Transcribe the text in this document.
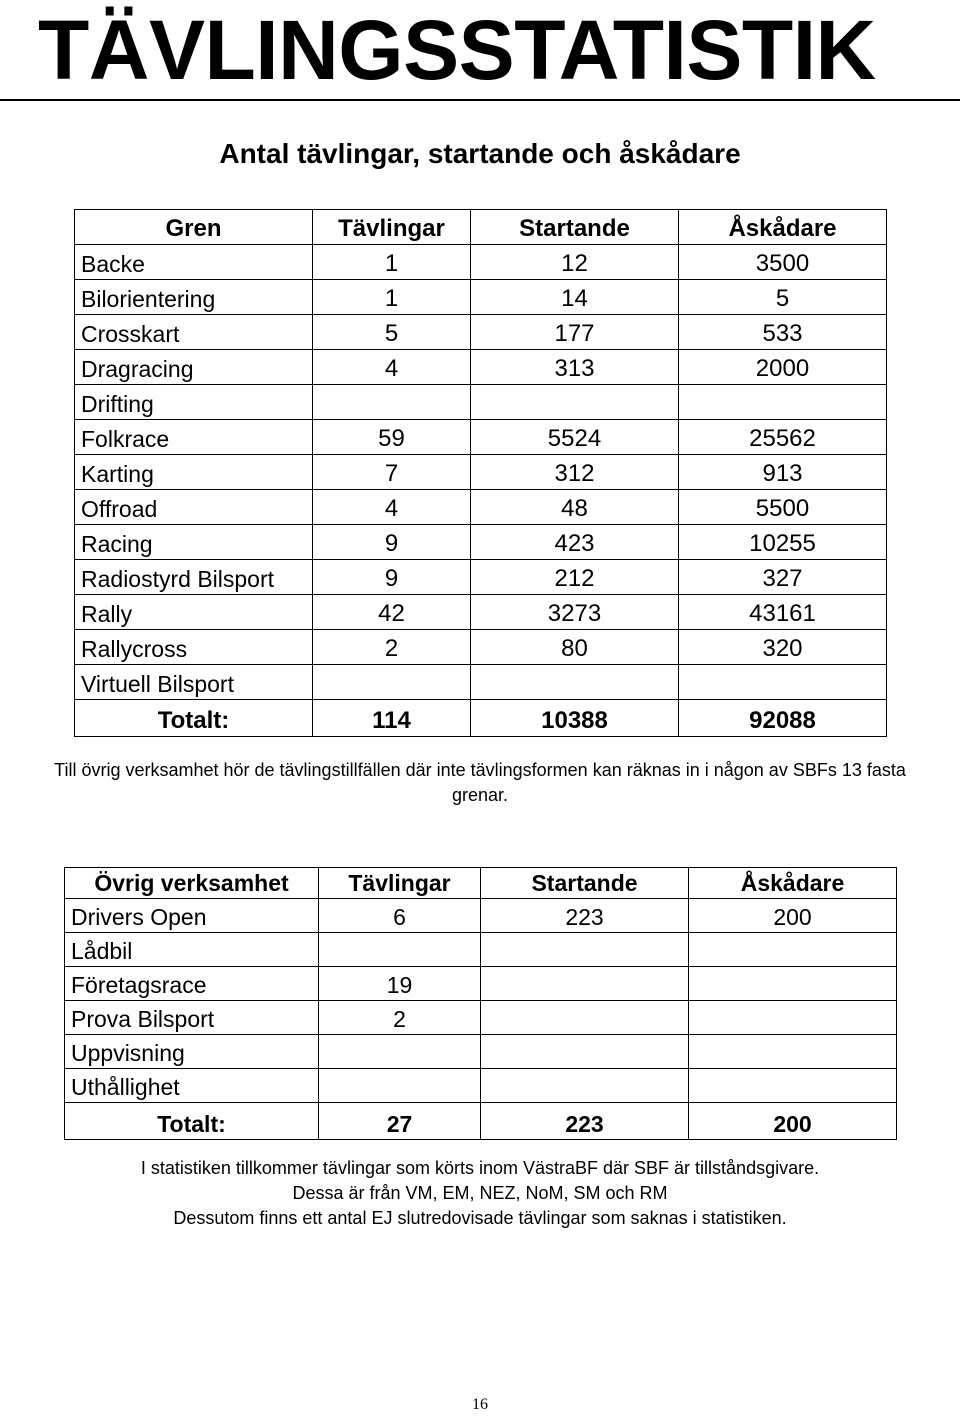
TÄVLINGSSTATISTIK
Antal tävlingar, startande och åskådare
Gren	Tävlingar	Startande	Åskådare
Backe	1	12	3500
Bilorientering	1	14	5
Crosskart	5	177	533
Dragracing	4	313	2000
Drifting			
Folkrace	59	5524	25562
Karting	7	312	913
Offroad	4	48	5500
Racing	9	423	10255
Radiostyrd Bilsport	9	212	327
Rally	42	3273	43161
Rallycross	2	80	320
Virtuell Bilsport			
Totalt:	114	10388	92088
Till övrig verksamhet hör de tävlingstillfällen där inte tävlingsformen kan räknas in i någon av SBFs 13 fasta grenar.
Övrig verksamhet	Tävlingar	Startande	Åskådare
Drivers Open	6	223	200
Lådbil			
Företagsrace	19		
Prova Bilsport	2		
Uppvisning			
Uthållighet			
Totalt:	27	223	200
I statistiken tillkommer tävlingar som körts inom VästraBF där SBF är tillståndsgivare.
Dessa är från VM, EM, NEZ, NoM, SM och RM
Dessutom finns ett antal EJ slutredovisade tävlingar som saknas i statistiken.
16
